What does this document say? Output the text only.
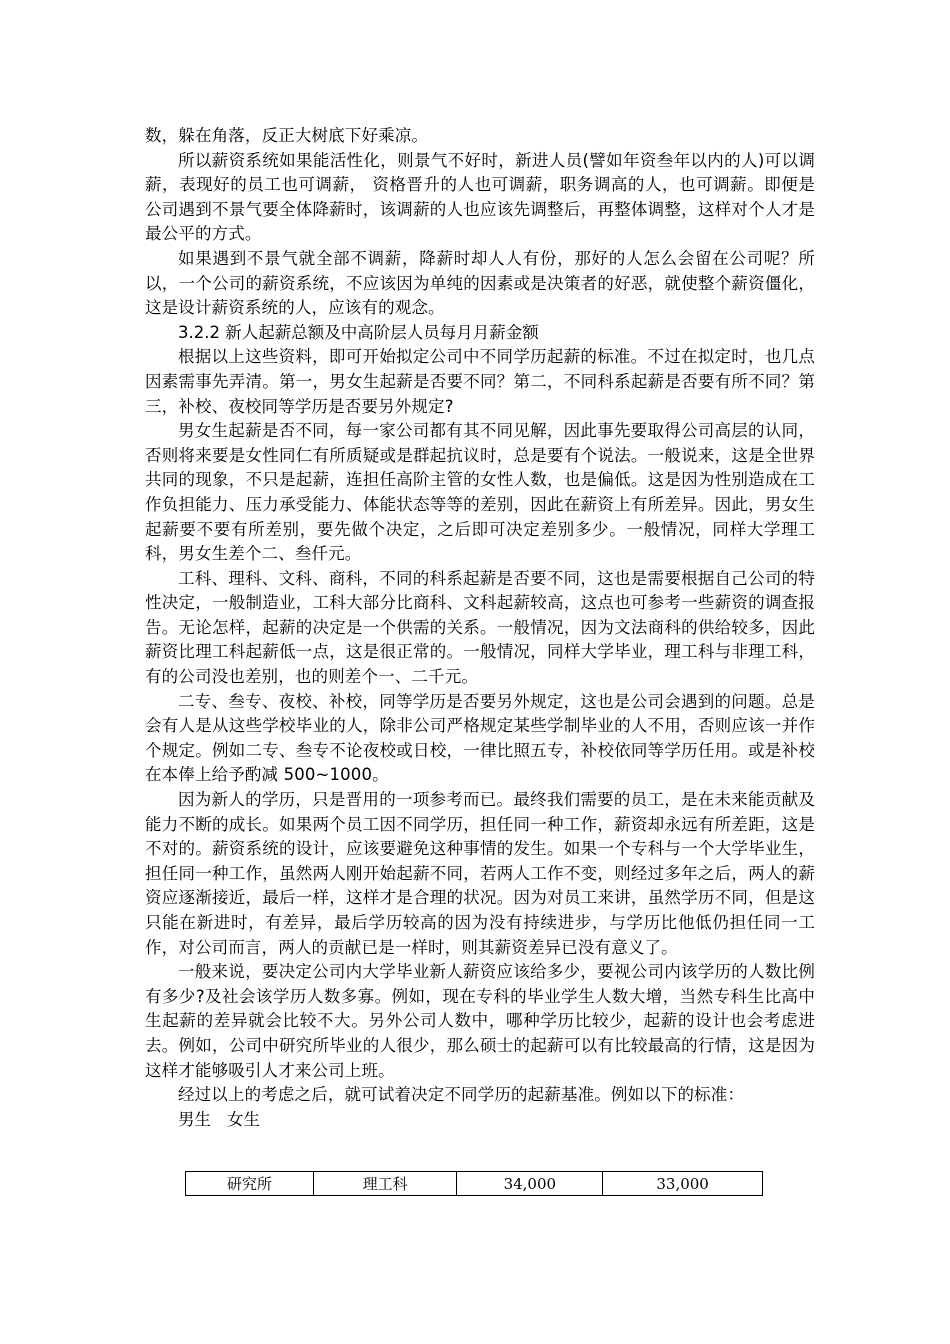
数，躲在角落，反正大树底下好乘凉。

所以薪资系统如果能活性化，则景气不好时，新进人员(譬如年资叁年以内的人)可以调薪，表现好的员工也可调薪， 资格晋升的人也可调薪，职务调高的人，也可调薪。即便是公司遇到不景气要全体降薪时，该调薪的人也应该先调整后，再整体调整，这样对个人才是最公平的方式。

如果遇到不景气就全部不调薪，降薪时却人人有份，那好的人怎么会留在公司呢？所以，一个公司的薪资系统，不应该因为单纯的因素或是决策者的好恶，就使整个薪资僵化，这是设计薪资系统的人，应该有的观念。

3.2.2 新人起薪总额及中高阶层人员每月月薪金额

根据以上这些资料，即可开始拟定公司中不同学历起薪的标准。不过在拟定时，也几点因素需事先弄清。第一，男女生起薪是否要不同？第二，不同科系起薪是否要有所不同？第三，补校、夜校同等学历是否要另外规定?

男女生起薪是否不同，每一家公司都有其不同见解，因此事先要取得公司高层的认同，否则将来要是女性同仁有所质疑或是群起抗议时，总是要有个说法。一般说来，这是全世界共同的现象，不只是起薪，连担任高阶主管的女性人数，也是偏低。这是因为性别造成在工作负担能力、压力承受能力、体能状态等等的差别，因此在薪资上有所差异。因此，男女生起薪要不要有所差别，要先做个决定，之后即可决定差别多少。一般情况，同样大学理工科，男女生差个二、叁仟元。

工科、理科、文科、商科，不同的科系起薪是否要不同，这也是需要根据自己公司的特性决定，一般制造业，工科大部分比商科、文科起薪较高，这点也可参考一些薪资的调查报告。无论怎样，起薪的决定是一个供需的关系。一般情况，因为文法商科的供给较多，因此薪资比理工科起薪低一点，这是很正常的。一般情况，同样大学毕业，理工科与非理工科，有的公司没也差别，也的则差个一、二千元。

二专、叁专、夜校、补校，同等学历是否要另外规定，这也是公司会遇到的问题。总是会有人是从这些学校毕业的人，除非公司严格规定某些学制毕业的人不用，否则应该一并作个规定。例如二专、叁专不论夜校或日校，一律比照五专，补校依同等学历任用。或是补校在本俸上给予酌减 500~1000。

因为新人的学历，只是晋用的一项参考而已。最终我们需要的员工，是在未来能贡献及能力不断的成长。如果两个员工因不同学历，担任同一种工作，薪资却永远有所差距，这是不对的。薪资系统的设计，应该要避免这种事情的发生。如果一个专科与一个大学毕业生，担任同一种工作，虽然两人刚开始起薪不同，若两人工作不变，则经过多年之后，两人的薪资应逐渐接近，最后一样，这样才是合理的状况。因为对员工来讲，虽然学历不同，但是这只能在新进时，有差异，最后学历较高的因为没有持续进步，与学历比他低仍担任同一工作，对公司而言，两人的贡献已是一样时，则其薪资差异已没有意义了。

一般来说，要决定公司内大学毕业新人薪资应该给多少，要视公司内该学历的人数比例有多少?及社会该学历人数多寡。例如，现在专科的毕业学生人数大增，当然专科生比高中生起薪的差异就会比较不大。另外公司人数中，哪种学历比较少，起薪的设计也会考虑进去。例如，公司中研究所毕业的人很少，那么硕士的起薪可以有比较最高的行情，这是因为这样才能够吸引人才来公司上班。

经过以上的考虑之后，就可试着决定不同学历的起薪基准。例如以下的标准：

男生 女生

研究所	理工科	34,000	33,000
